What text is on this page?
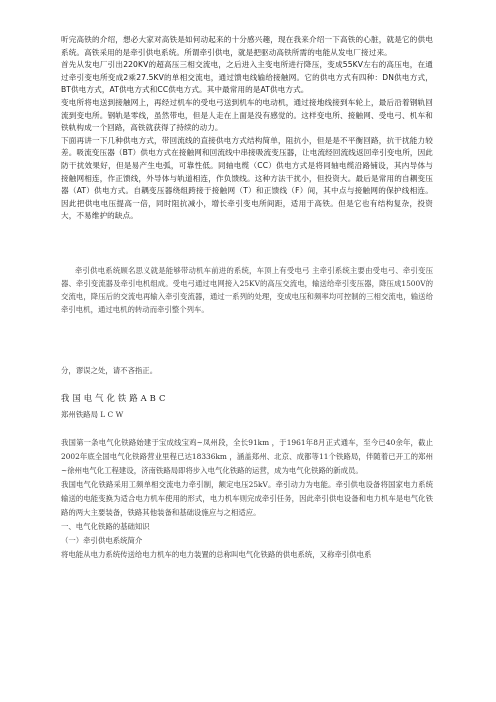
听完高铁的介绍，想必大家对高铁是如何动起来的十分感兴趣，现在我来介绍一下高铁的心脏，就是它的供电系统。高铁采用的是牵引供电系统。所谓牵引供电，就是把驱动高铁所需的电能从发电厂接过来。

首先从发电厂引出220KV的超高压三相交流电，之后进入主变电所进行降压，变成55KV左右的高压电，在通过牵引变电所变成2乘27.5KV的单相交流电，通过馈电线输给接触网。它的供电方式有四种：DN供电方式，BT供电方式，AT供电方式和CC供电方式。其中最常用的是AT供电方式。

变电所将电送到接触网上，再经过机车的受电弓送到机车的电动机，通过接地线接到车轮上，最后沿着钢轨回流到变电所。钢轨是零线，虽然带电，但是人走在上面是没有感觉的。这样变电所、接触网、受电弓、机车和铁轨构成一个回路，高铁就获得了持续的动力。

下面再讲一下几种供电方式，带回流线的直接供电方式结构简单，阻抗小，但是是不平衡回路，抗干扰能力较差。吸流变压器（BT）供电方式在接触网和回流线中串接吸流变压器，让电流经回流线返回牵引变电所，因此防干扰效果好，但是易产生电弧，可靠性低。同轴电缆（CC）供电方式是将同轴电缆沿路铺设，其内导体与接触网相连，作正馈线，外导体与轨道相连，作负馈线。这种方法干扰小，但投资大。最后是常用的自耦变压器（AT）供电方式。自耦变压器绕组跨接于接触网（T）和正馈线（F）间，其中点与接触网的保护线相连。因此把供电电压提高一倍，同时阻抗减小，增长牵引变电所间距，适用于高铁。但是它也有结构复杂，投资大，不易维护的缺点。

牵引供电系统顾名思义就是能够带动机车前进的系统，车顶上有受电弓 主牵引系统主要由受电弓、牵引变压器、牵引变流器及牵引电机组成。受电弓通过电网接入25KV的高压交流电，输送给牵引变压器，降压成1500V的交流电，降压后的交流电再输入牵引变流器，通过一系列的处理，变成电压和频率均可控制的三相交流电，输送给牵引电机，通过电机的转动而牵引整个列车。

分，谬误之处，请不吝指正。

我国电气化铁路ABC

郑州铁路局 L C W

我国第一条电气化铁路始建于宝成线宝鸡~凤州段，全长91km ，于1961年8月正式通车，至今已40余年，截止2002年底全国电气化铁路营业里程已达18336km ，涵盖郑州、北京、成都等11个铁路局，伴随着已开工的郑州~徐州电气化工程建设，济南铁路局即将步入电气化铁路的运营，成为电气化铁路的新成员。

我国电气化铁路采用工频单相交流电力牵引制，额定电压25kV。牵引动力为电能。牵引供电设备将国家电力系统输送的电能变换为适合电力机车使用的形式，电力机车则完成牵引任务，因此牵引供电设备和电力机车是电气化铁路的两大主要装备，铁路其他装备和基础设施应与之相适应。

一、电气化铁路的基础知识

（一）牵引供电系统简介

将电能从电力系统传送给电力机车的电力装置的总称叫电气化铁路的供电系统，又称牵引供电系
